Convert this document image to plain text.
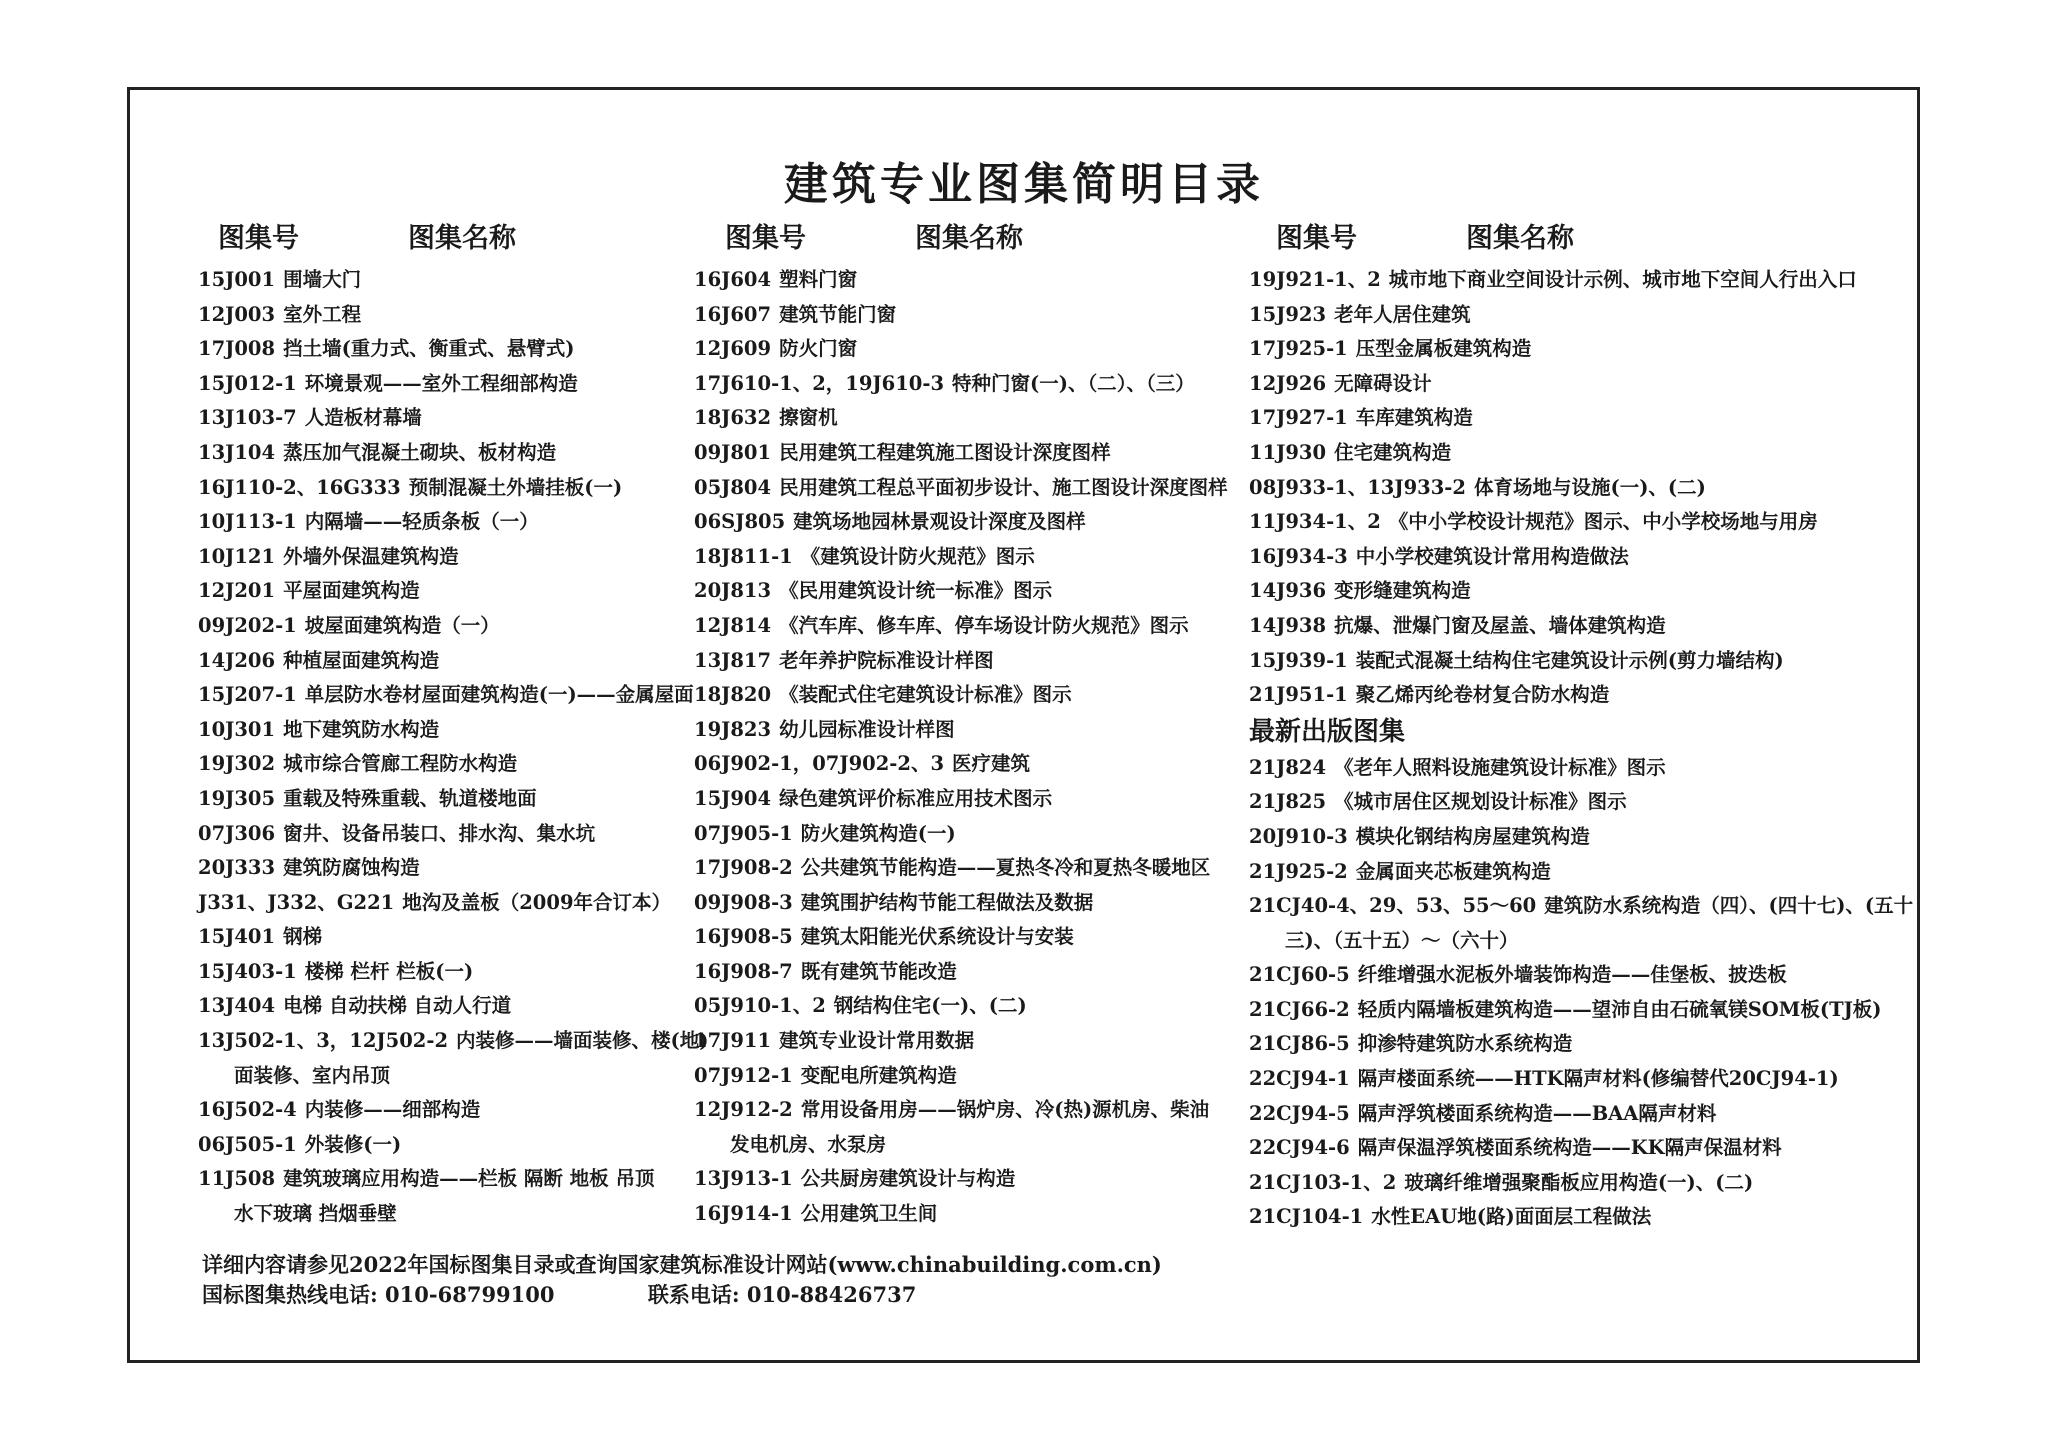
建筑专业图集简明目录
图集号	图集名称	图集号	图集名称	图集号	图集名称
15J001 围墙大门
12J003 室外工程
17J008 挡土墙(重力式、衡重式、悬臂式)
15J012-1 环境景观——室外工程细部构造
13J103-7 人造板材幕墙
13J104 蒸压加气混凝土砌块、板材构造
16J110-2、16G333 预制混凝土外墙挂板(一)
10J113-1 内隔墙——轻质条板（一）
10J121 外墙外保温建筑构造
12J201 平屋面建筑构造
09J202-1 坡屋面建筑构造（一）
14J206 种植屋面建筑构造
15J207-1 单层防水卷材屋面建筑构造(一)——金属屋面
10J301 地下建筑防水构造
19J302 城市综合管廊工程防水构造
19J305 重载及特殊重载、轨道楼地面
07J306 窗井、设备吊装口、排水沟、集水坑
20J333 建筑防腐蚀构造
J331、J332、G221 地沟及盖板（2009年合订本）
15J401 钢梯
15J403-1 楼梯 栏杆 栏板(一)
13J404 电梯 自动扶梯 自动人行道
13J502-1、3，12J502-2 内装修——墙面装修、楼(地)
面装修、室内吊顶
16J502-4 内装修——细部构造
06J505-1 外装修(一)
11J508 建筑玻璃应用构造——栏板 隔断 地板 吊顶
水下玻璃 挡烟垂壁
16J604 塑料门窗
16J607 建筑节能门窗
12J609 防火门窗
17J610-1、2，19J610-3 特种门窗(一)、（二）、（三）
18J632 擦窗机
09J801 民用建筑工程建筑施工图设计深度图样
05J804 民用建筑工程总平面初步设计、施工图设计深度图样
06SJ805 建筑场地园林景观设计深度及图样
18J811-1 《建筑设计防火规范》图示
20J813 《民用建筑设计统一标准》图示
12J814 《汽车库、修车库、停车场设计防火规范》图示
13J817 老年养护院标准设计样图
18J820 《装配式住宅建筑设计标准》图示
19J823 幼儿园标准设计样图
06J902-1，07J902-2、3 医疗建筑
15J904 绿色建筑评价标准应用技术图示
07J905-1 防火建筑构造(一)
17J908-2 公共建筑节能构造——夏热冬冷和夏热冬暖地区
09J908-3 建筑围护结构节能工程做法及数据
16J908-5 建筑太阳能光伏系统设计与安装
16J908-7 既有建筑节能改造
05J910-1、2 钢结构住宅(一)、(二)
17J911 建筑专业设计常用数据
07J912-1 变配电所建筑构造
12J912-2 常用设备用房——锅炉房、冷(热)源机房、柴油
发电机房、水泵房
13J913-1 公共厨房建筑设计与构造
16J914-1 公用建筑卫生间
19J921-1、2 城市地下商业空间设计示例、城市地下空间人行出入口
15J923 老年人居住建筑
17J925-1 压型金属板建筑构造
12J926 无障碍设计
17J927-1 车库建筑构造
11J930 住宅建筑构造
08J933-1、13J933-2 体育场地与设施(一)、(二)
11J934-1、2 《中小学校设计规范》图示、中小学校场地与用房
16J934-3 中小学校建筑设计常用构造做法
14J936 变形缝建筑构造
14J938 抗爆、泄爆门窗及屋盖、墙体建筑构造
15J939-1 装配式混凝土结构住宅建筑设计示例(剪力墙结构)
21J951-1 聚乙烯丙纶卷材复合防水构造
最新出版图集
21J824 《老年人照料设施建筑设计标准》图示
21J825 《城市居住区规划设计标准》图示
20J910-3 模块化钢结构房屋建筑构造
21J925-2 金属面夹芯板建筑构造
21CJ40-4、29、53、55～60 建筑防水系统构造（四）、(四十七)、(五十
三)、（五十五）～（六十）
21CJ60-5 纤维增强水泥板外墙装饰构造——佳堡板、披迭板
21CJ66-2 轻质内隔墙板建筑构造——望沛自由石硫氧镁SOM板(TJ板)
21CJ86-5 抑渗特建筑防水系统构造
22CJ94-1 隔声楼面系统——HTK隔声材料(修编替代20CJ94-1)
22CJ94-5 隔声浮筑楼面系统构造——BAA隔声材料
22CJ94-6 隔声保温浮筑楼面系统构造——KK隔声保温材料
21CJ103-1、2 玻璃纤维增强聚酯板应用构造(一)、(二)
21CJ104-1 水性EAU地(路)面面层工程做法
详细内容请参见2022年国标图集目录或查询国家建筑标准设计网站(www.chinabuilding.com.cn)
国标图集热线电话: 010-68799100	联系电话: 010-88426737
